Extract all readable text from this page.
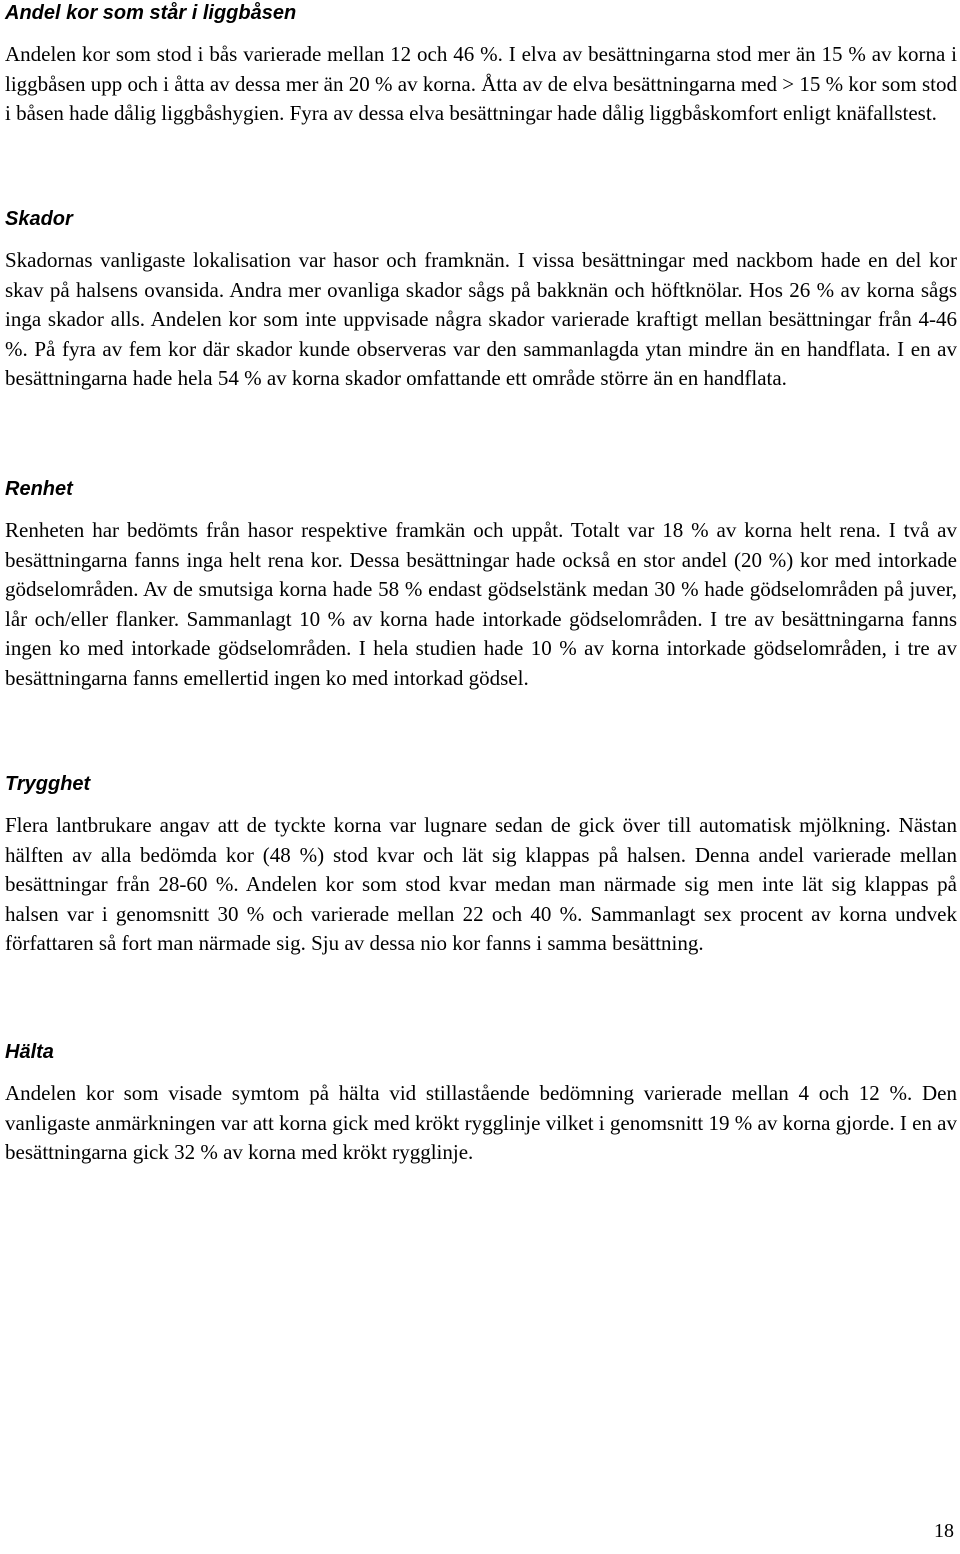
Andel kor som står i liggbåsen

Andelen kor som stod i bås varierade mellan 12 och 46 %. I elva av besättningarna stod mer än 15 % av korna i liggbåsen upp och i åtta av dessa mer än 20 % av korna. Åtta av de elva besättningarna med > 15 % kor som stod i båsen hade dålig liggbåshygien. Fyra av dessa elva besättningar hade dålig liggbåskomfort enligt knäfallstest.

Skador

Skadornas vanligaste lokalisation var hasor och framknän. I vissa besättningar med nackbom hade en del kor skav på halsens ovansida. Andra mer ovanliga skador sågs på bakknän och höftknölar. Hos 26 % av korna sågs inga skador alls. Andelen kor som inte uppvisade några skador varierade kraftigt mellan besättningar från 4-46 %. På fyra av fem kor där skador kunde observeras var den sammanlagda ytan mindre än en handflata. I en av besättningarna hade hela 54 % av korna skador omfattande ett område större än en handflata.

Renhet

Renheten har bedömts från hasor respektive framkän och uppåt. Totalt var 18 % av korna helt rena. I två av besättningarna fanns inga helt rena kor. Dessa besättningar hade också en stor andel (20 %) kor med intorkade gödselområden. Av de smutsiga korna hade 58 % endast gödselstänk medan 30 % hade gödselområden på juver, lår och/eller flanker. Sammanlagt 10 % av korna hade intorkade gödselområden. I tre av besättningarna fanns ingen ko med intorkade gödselområden. I hela studien hade 10 % av korna intorkade gödselområden, i tre av besättningarna fanns emellertid ingen ko med intorkad gödsel.

Trygghet

Flera lantbrukare angav att de tyckte korna var lugnare sedan de gick över till automatisk mjölkning. Nästan hälften av alla bedömda kor (48 %) stod kvar och lät sig klappas på halsen. Denna andel varierade mellan besättningar från 28-60 %. Andelen kor som stod kvar medan man närmade sig men inte lät sig klappas på halsen var i genomsnitt 30 % och varierade mellan 22 och 40 %. Sammanlagt sex procent av korna undvek författaren så fort man närmade sig. Sju av dessa nio kor fanns i samma besättning.

Hälta

Andelen kor som visade symtom på hälta vid stillastående bedömning varierade mellan 4 och 12 %. Den vanligaste anmärkningen var att korna gick med krökt rygglinje vilket i genomsnitt 19 % av korna gjorde. I en av besättningarna gick 32 % av korna med krökt rygglinje.

18
